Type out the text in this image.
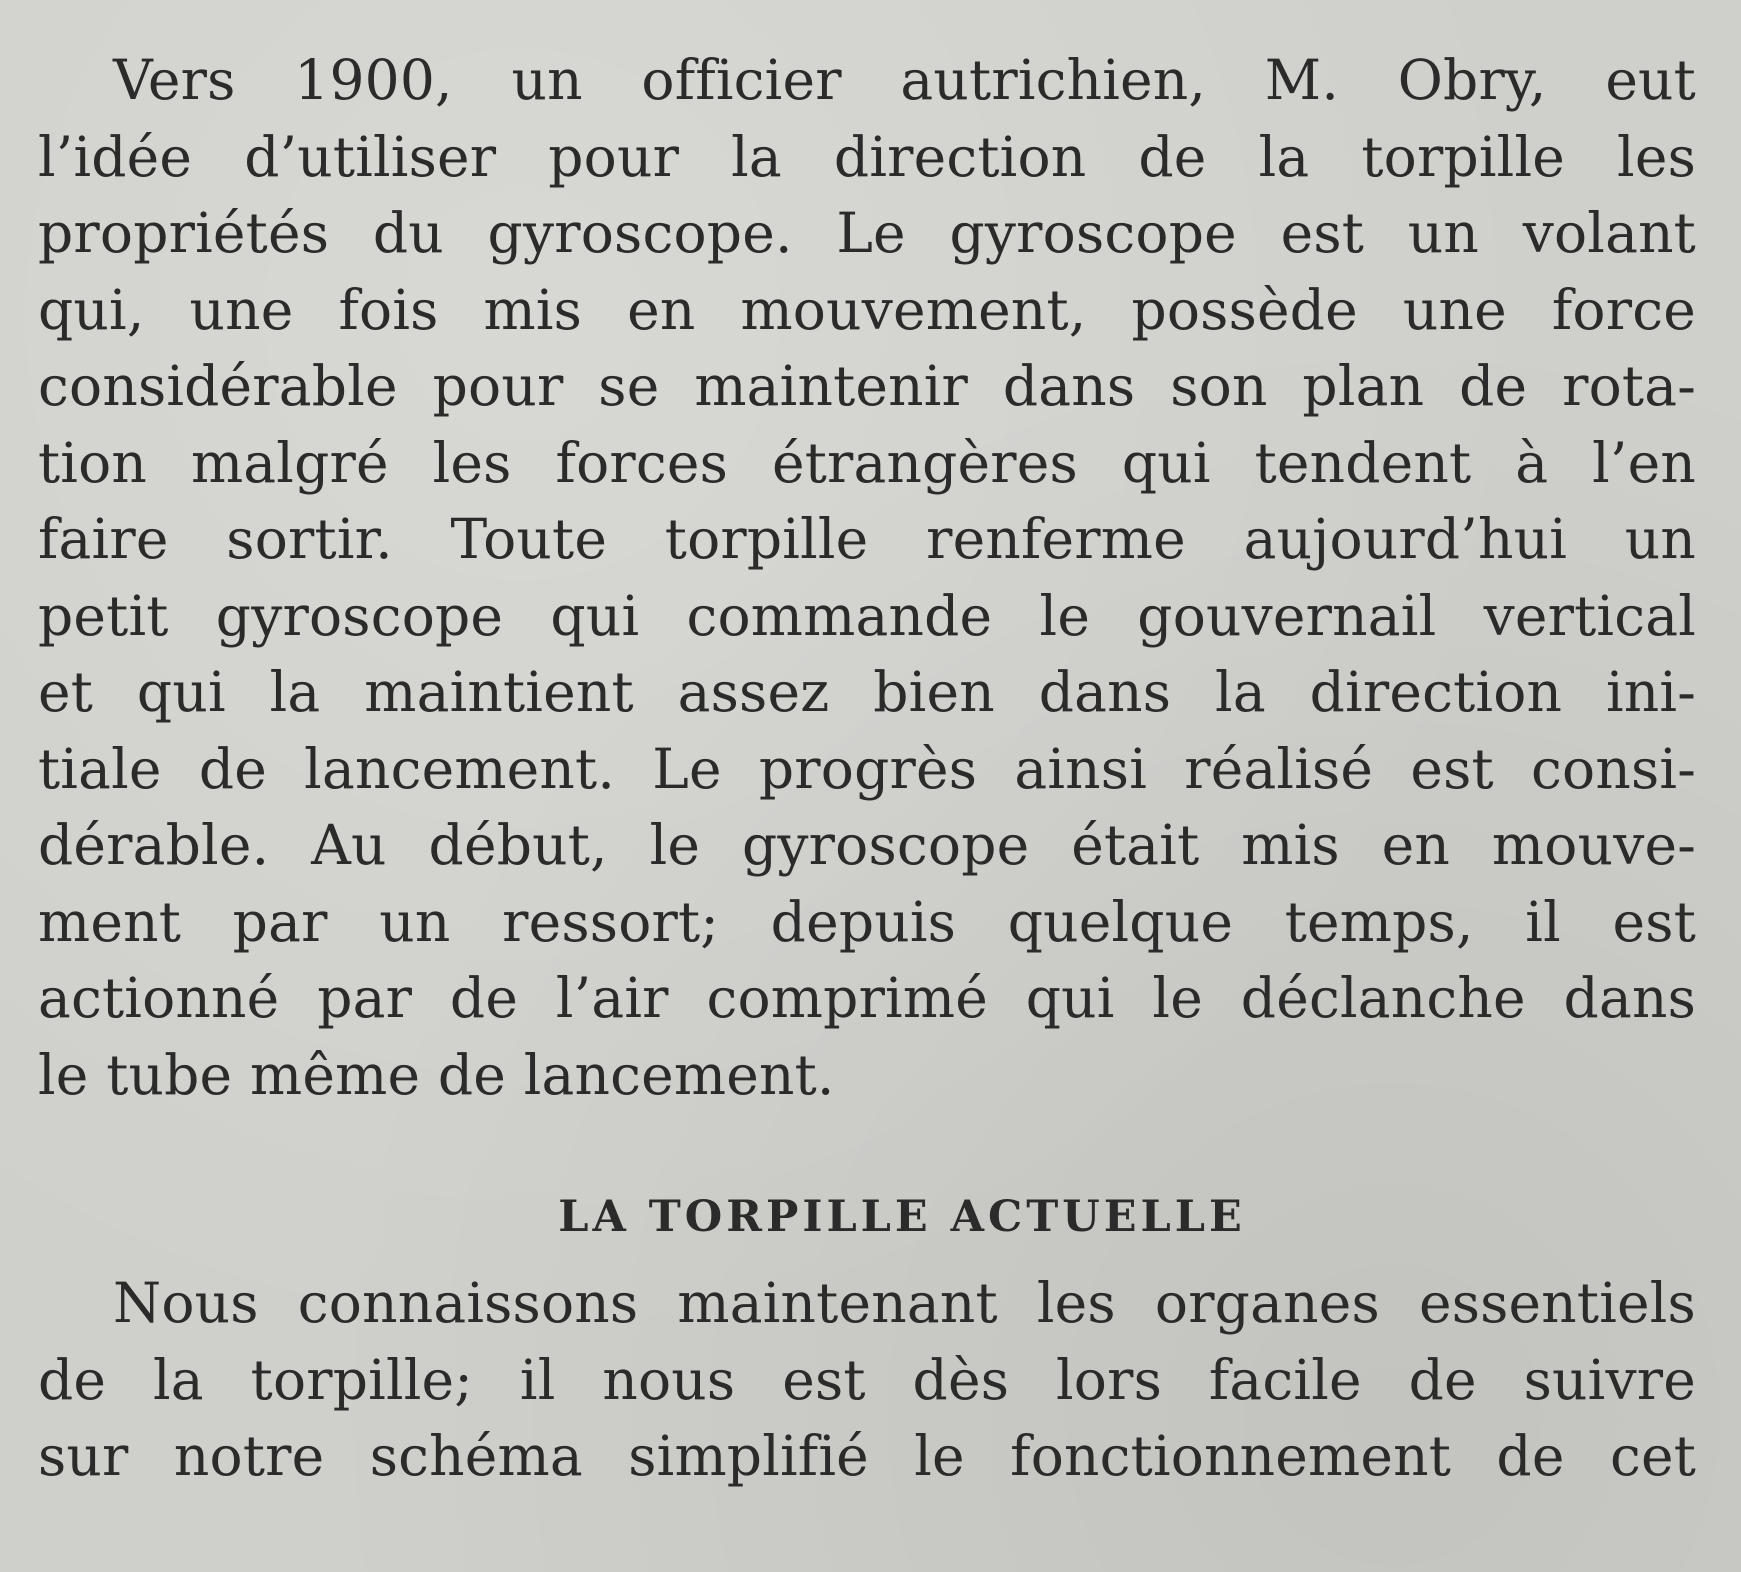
Vers 1900, un officier autrichien, M. Obry, eut
l’idée d’utiliser pour la direction de la torpille les
propriétés du gyroscope. Le gyroscope est un volant
qui, une fois mis en mouvement, possède une force
considérable pour se maintenir dans son plan de rota-
tion malgré les forces étrangères qui tendent à l’en
faire sortir. Toute torpille renferme aujourd’hui un
petit gyroscope qui commande le gouvernail vertical
et qui la maintient assez bien dans la direction ini-
tiale de lancement. Le progrès ainsi réalisé est consi-
dérable. Au début, le gyroscope était mis en mouve-
ment par un ressort; depuis quelque temps, il est
actionné par de l’air comprimé qui le déclanche dans
le tube même de lancement.

LA TORPILLE ACTUELLE

Nous connaissons maintenant les organes essentiels
de la torpille; il nous est dès lors facile de suivre
sur notre schéma simplifié le fonctionnement de cet
